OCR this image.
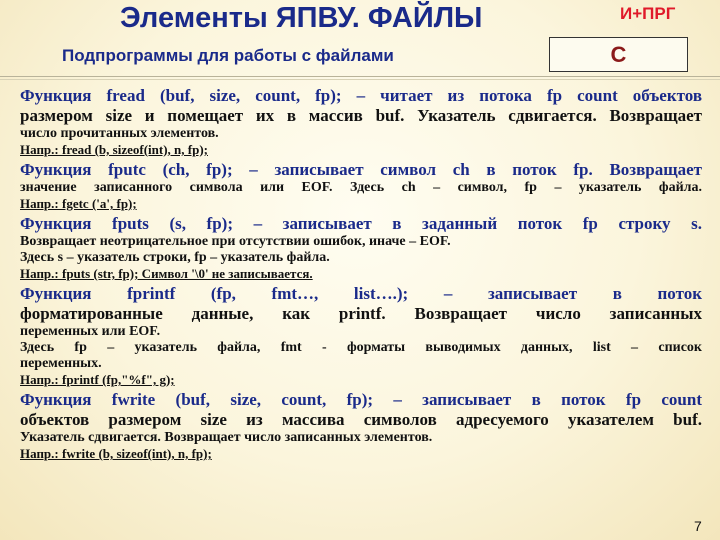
Элементы ЯПВУ. ФАЙЛЫ	И+ПРГ
Подпрограммы для работы с файлами	С

Функция fread (buf, size, count, fp); – читает из потока fp count объектов

размером size и помещает их в массив buf. Указатель сдвигается. Возвращает

число прочитанных элементов.

Напр.: fread (b, sizeof(int), n, fp);

Функция fputc (ch, fp); – записывает символ ch в поток fp. Возвращает

значение записанного символа или EOF. Здесь ch – символ, fp – указатель файла.

Напр.: fgetc ('a', fp);

Функция fputs (s, fp); – записывает в заданный поток fp строку s.

Возвращает неотрицательное при отсутствии ошибок, иначе – EOF.

Здесь s – указатель строки, fp – указатель файла.

Напр.: fputs (str, fp); Символ '\0' не записывается.

Функция fprintf (fp, fmt…, list….); – записывает в поток

форматированные данные, как printf. Возвращает число записанных

переменных или EOF.

Здесь fp – указатель файла, fmt - форматы выводимых данных, list – список

переменных.

Напр.: fprintf (fp,"%f", g);

Функция fwrite (buf, size, count, fp); – записывает в поток fp count

объектов размером size из массива символов адресуемого указателем buf.

Указатель сдвигается. Возвращает число записанных элементов.

Напр.: fwrite (b, sizeof(int), n, fp);

7
